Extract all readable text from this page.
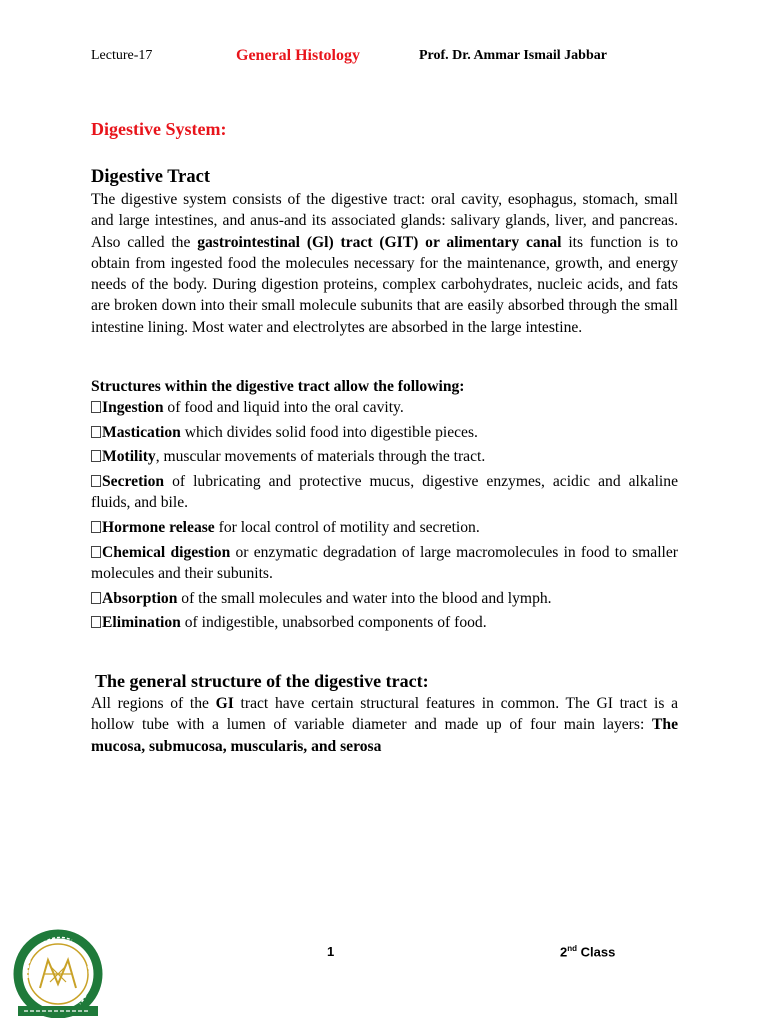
Lecture-17	General Histology	Prof. Dr. Ammar Ismail Jabbar
Digestive System:
Digestive Tract
The digestive system consists of the digestive tract: oral cavity, esophagus, stomach, small and large intestines, and anus-and its associated glands: salivary glands, liver, and pancreas. Also called the gastrointestinal (Gl) tract (GIT) or alimentary canal its function is to obtain from ingested food the molecules necessary for the maintenance, growth, and energy needs of the body. During digestion proteins, complex carbohydrates, nucleic acids, and fats are broken down into their small molecule subunits that are easily absorbed through the small intestine lining. Most water and electrolytes are absorbed in the large intestine.
Structures within the digestive tract allow the following:
Ingestion of food and liquid into the oral cavity.
Mastication which divides solid food into digestible pieces.
Motility, muscular movements of materials through the tract.
Secretion of lubricating and protective mucus, digestive enzymes, acidic and alkaline fluids, and bile.
Hormone release for local control of motility and secretion.
Chemical digestion or enzymatic degradation of large macromolecules in food to smaller molecules and their subunits.
Absorption of the small molecules and water into the blood and lymph.
Elimination of indigestible, unabsorbed components of food.
The general structure of the digestive tract:
All regions of the GI tract have certain structural features in common. The GI tract is a hollow tube with a lumen of variable diameter and made up of four main layers: The mucosa, submucosa, muscularis, and serosa
1	2nd Class
